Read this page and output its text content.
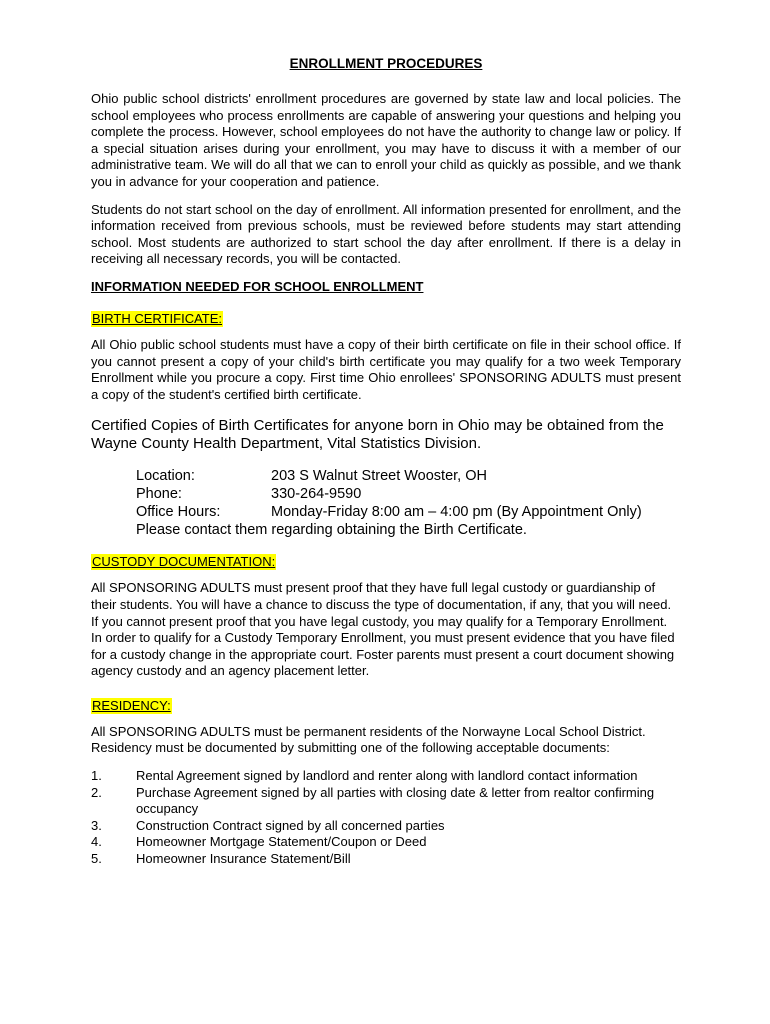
ENROLLMENT PROCEDURES

Ohio public school districts' enrollment procedures are governed by state law and local policies. The school employees who process enrollments are capable of answering your questions and helping you complete the process. However, school employees do not have the authority to change law or policy. If a special situation arises during your enrollment, you may have to discuss it with a member of our administrative team. We will do all that we can to enroll your child as quickly as possible, and we thank you in advance for your cooperation and patience.

Students do not start school on the day of enrollment. All information presented for enrollment, and the information received from previous schools, must be reviewed before students may start attending school. Most students are authorized to start school the day after enrollment. If there is a delay in receiving all necessary records, you will be contacted.

INFORMATION NEEDED FOR SCHOOL ENROLLMENT
BIRTH CERTIFICATE:

All Ohio public school students must have a copy of their birth certificate on file in their school office. If you cannot present a copy of your child's birth certificate you may qualify for a two week Temporary Enrollment while you procure a copy. First time Ohio enrollees' SPONSORING ADULTS must present a copy of the student's certified birth certificate.

Certified Copies of Birth Certificates for anyone born in Ohio may be obtained from the Wayne County Health Department, Vital Statistics Division.

Location:	203 S Walnut Street Wooster, OH
Phone:	330-264-9590
Office Hours:	Monday-Friday 8:00 am – 4:00 pm (By Appointment Only)
Please contact them regarding obtaining the Birth Certificate.
CUSTODY DOCUMENTATION:

All SPONSORING ADULTS must present proof that they have full legal custody or guardianship of their students. You will have a chance to discuss the type of documentation, if any, that you will need. If you cannot present proof that you have legal custody, you may qualify for a Temporary Enrollment. In order to qualify for a Custody Temporary Enrollment, you must present evidence that you have filed for a custody change in the appropriate court. Foster parents must present a court document showing agency custody and an agency placement letter.

RESIDENCY:

All SPONSORING ADULTS must be permanent residents of the Norwayne Local School District. Residency must be documented by submitting one of the following acceptable documents:

1.	Rental Agreement signed by landlord and renter along with landlord contact information
2.	Purchase Agreement signed by all parties with closing date & letter from realtor confirming occupancy
3.	Construction Contract signed by all concerned parties
4.	Homeowner Mortgage Statement/Coupon or Deed
5.	Homeowner Insurance Statement/Bill
